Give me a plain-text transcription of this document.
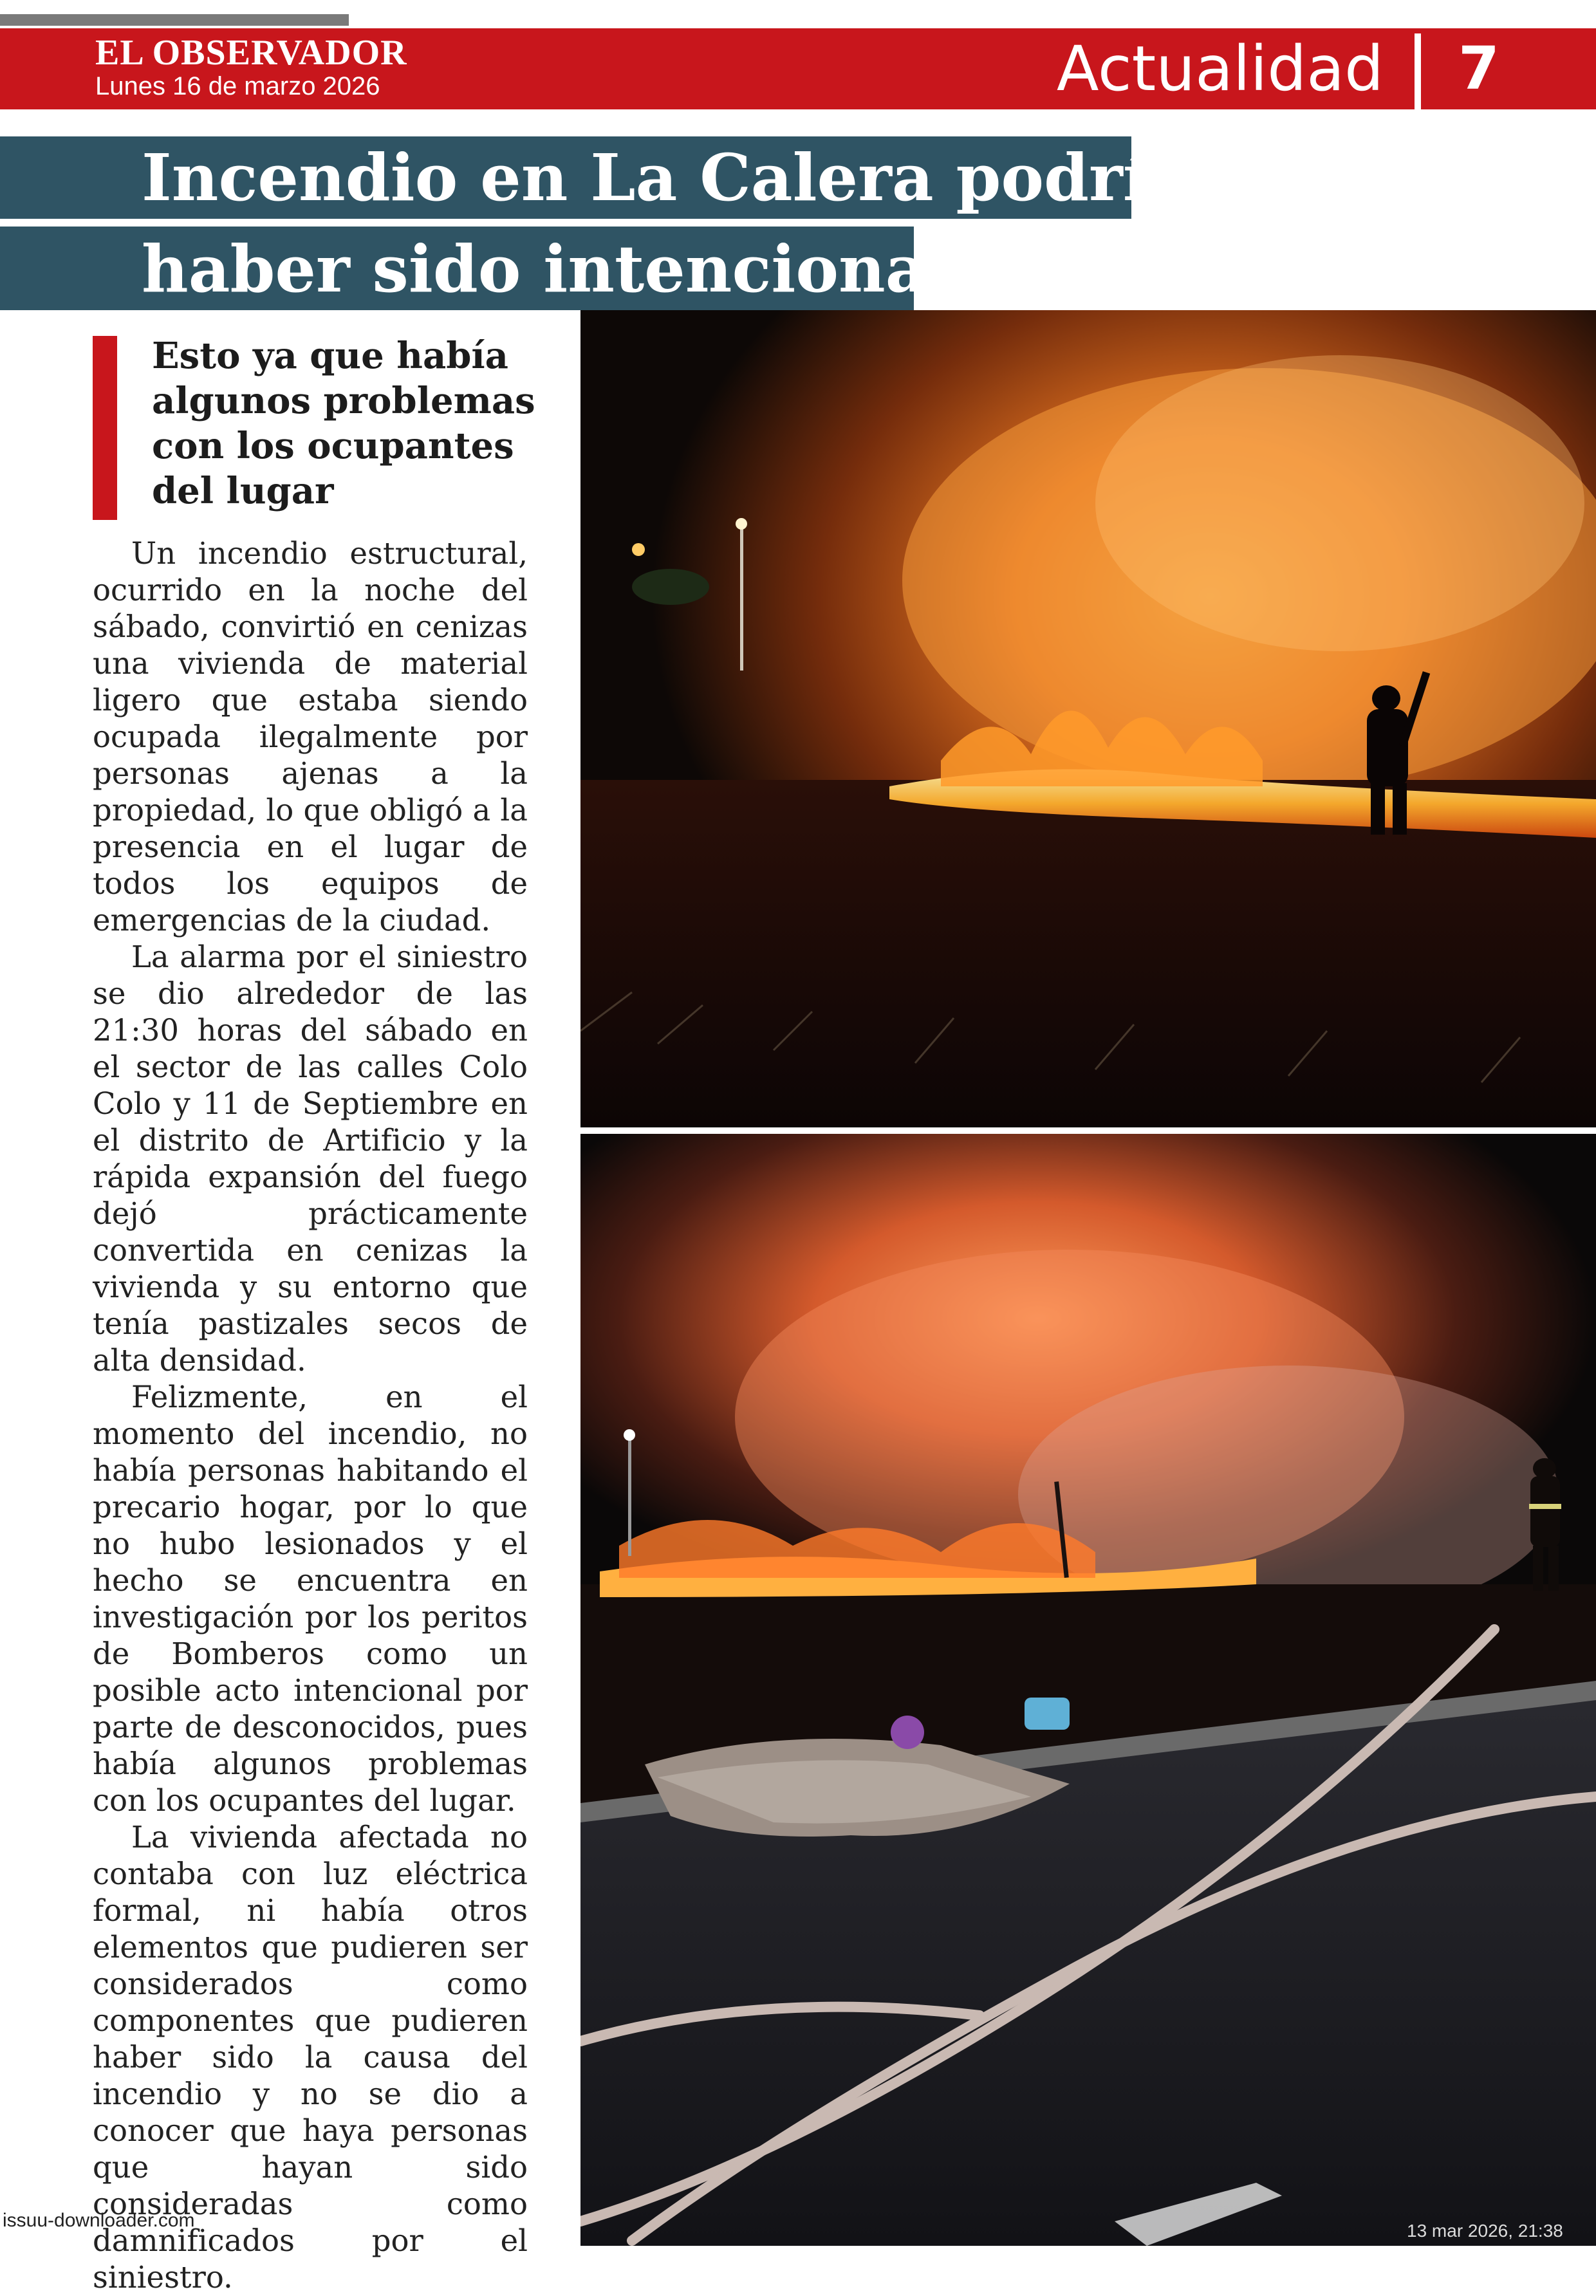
EL OBSERVADOR
Lunes 16 de marzo 2026	Actualidad 7
Incendio en La Calera podría
haber sido intencional
Esto ya que había algunos problemas con los ocupantes del lugar

Un incendio estructural, ocurrido en la noche del sábado, convirtió en cenizas una vivienda de material ligero que estaba siendo ocupada ilegalmente por personas ajenas a la propiedad, lo que obligó a la presencia en el lugar de todos los equipos de emergencias de la ciudad.

La alarma por el siniestro se dio alrededor de las 21:30 horas del sábado en el sector de las calles Colo Colo y 11 de Septiembre en el distrito de Artificio y la rápida expansión del fuego dejó prácticamente convertida en cenizas la vivienda y su entorno que tenía pastizales secos de alta densidad.

Felizmente, en el momento del incendio, no había personas habitando el precario hogar, por lo que no hubo lesionados y el hecho se encuentra en investigación por los peritos de Bomberos como un posible acto intencional por parte de desconocidos, pues había algunos problemas con los ocupantes del lugar.

La vivienda afectada no contaba con luz eléctrica formal, ni había otros elementos que pudieren ser considerados como componentes que pudieren haber sido la causa del incendio y no se dio a conocer que haya personas que hayan sido consideradas como damnificados por el siniestro.

13 mar 2026, 21:38
issuu-downloader.com
